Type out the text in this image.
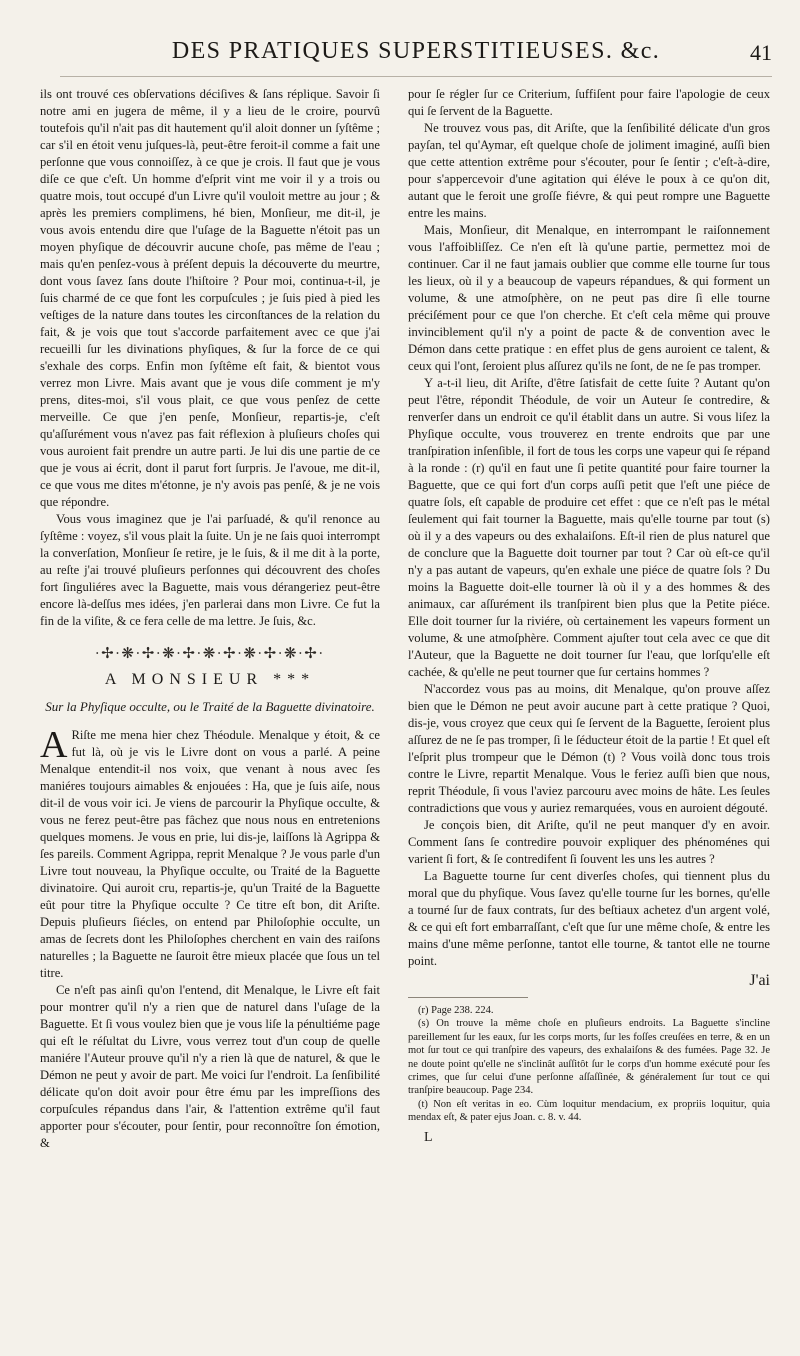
DES PRATIQUES SUPERSTITIEUSES. &c.	41

ils ont trouvé ces obſervations déciſives & ſans réplique. Savoir ſi notre ami en jugera de même, il y a lieu de le croire, pourvû toutefois qu'il n'ait pas dit hautement qu'il aloit donner un ſyſtême ; car s'il en étoit venu juſques-là, peut-être feroit-il comme a fait une perſonne que vous connoiſſez, à ce que je crois. Il faut que je vous diſe ce que c'eſt. Un homme d'eſprit vint me voir il y a trois ou quatre mois, tout occupé d'un Livre qu'il vouloit mettre au jour ; & après les premiers complimens, hé bien, Monſieur, me dit-il, je vous avois entendu dire que l'uſage de la Baguette n'étoit pas un moyen phyſique de découvrir aucune choſe, pas même de l'eau ; mais qu'en penſez-vous à préſent depuis la découverte du meurtre, dont vous ſavez ſans doute l'hiſtoire ? Pour moi, continua-t-il, je ſuis charmé de ce que font les corpuſcules ; je ſuis pied à pied les veſtiges de la nature dans toutes les circonſtances de la relation du fait, & je vois que tout s'accorde parfaitement avec ce que j'ai recueilli ſur les divinations phyſiques, & ſur la force de ce qui s'exhale des corps. Enfin mon ſyſtême eſt fait, & bientot vous verrez mon Livre. Mais avant que je vous diſe comment je m'y prens, dites-moi, s'il vous plait, ce que vous penſez de cette merveille. Ce que j'en penſe, Monſieur, repartis-je, c'eſt qu'aſſurément vous n'avez pas fait réflexion à pluſieurs choſes qui vous auroient fait prendre un autre parti. Je lui dis une partie de ce que je vous ai écrit, dont il parut fort ſurpris. Je l'avoue, me dit-il, ce que vous me dites m'étonne, je n'y avois pas penſé, & je ne vois que répondre.

Vous vous imaginez que je l'ai parſuadé, & qu'il renonce au ſyſtême : voyez, s'il vous plait la ſuite. Un je ne ſais quoi interrompt la converſation, Monſieur ſe retire, je le ſuis, & il me dit à la porte, au reſte j'ai trouvé pluſieurs perſonnes qui découvrent des choſes fort ſinguliéres avec la Baguette, mais vous dérangeriez peut-être encore là-deſſus mes idées, j'en parlerai dans mon Livre. Ce fut la fin de la viſite, & ce fera celle de ma lettre. Je ſuis, &c.

∙✢∙❋∙✢∙❋∙✢∙❋∙✢∙❋∙✢∙❋∙✢∙
A MONSIEUR ***
Sur la Phyſique occulte, ou le Traité de la Baguette divinatoire.

A Riſte me mena hier chez Théodule. Menalque y étoit, & ce fut là, où je vis le Livre dont on vous a parlé. A peine Menalque entendit-il nos voix, que venant à nous avec ſes maniéres toujours aimables & enjouées : Ha, que je ſuis aiſe, nous dit-il de vous voir ici. Je viens de parcourir la Phyſique occulte, & vous ne ferez peut-être pas fâchez que nous nous en entretenions quelques momens. Je vous en prie, lui dis-je, laiſſons là Agrippa & ſes pareils. Comment Agrippa, reprit Menalque ? Je vous parle d'un Livre tout nouveau, la Phyſique occulte, ou Traité de la Baguette divinatoire. Qui auroit cru, repartis-je, qu'un Traité de la Baguette eût pour titre la Phyſique occulte ? Ce titre eſt bon, dit Ariſte. Depuis pluſieurs ſiécles, on entend par Philoſophie occulte, un amas de ſecrets dont les Philoſophes cherchent en vain des raiſons naturelles ; la Baguette ne ſauroit être mieux placée que ſous un tel titre.

Ce n'eſt pas ainſi qu'on l'entend, dit Menalque, le Livre eſt fait pour montrer qu'il n'y a rien que de naturel dans l'uſage de la Baguette. Et ſi vous voulez bien que je vous liſe la pénultiéme page qui eſt le réſultat du Livre, vous verrez tout d'un coup de quelle maniére l'Auteur prouve qu'il n'y a rien là que de naturel, & que le Démon ne peut y avoir de part. Me voici ſur l'endroit. La ſenſibilité délicate qu'on doit avoir pour être ému par les impreſſions des corpuſcules répandus dans l'air, & l'attention extrême qu'il faut apporter pour s'écouter, pour ſentir, pour reconnoître ſon émotion, &

pour ſe régler ſur ce Criterium, ſuffiſent pour faire l'apologie de ceux qui ſe ſervent de la Baguette.

Ne trouvez vous pas, dit Ariſte, que la ſenſibilité délicate d'un gros payſan, tel qu'Aymar, eſt quelque choſe de joliment imaginé, auſſi bien que cette attention extrême pour s'écouter, pour ſe ſentir ; c'eſt-à-dire, pour s'appercevoir d'une agitation qui éléve le poux à ce qu'on dit, autant que le feroit une groſſe fiévre, & qui peut rompre une Baguette entre les mains.

Mais, Monſieur, dit Menalque, en interrompant le raiſonnement vous l'affoibliſſez. Ce n'en eſt là qu'une partie, permettez moi de continuer. Car il ne faut jamais oublier que comme elle tourne ſur tous les lieux, où il y a beaucoup de vapeurs répandues, & qui forment un volume, & une atmoſphère, on ne peut pas dire ſi elle tourne préciſément pour ce que l'on cherche. Et c'eſt cela même qui prouve invinciblement qu'il n'y a point de pacte & de convention avec le Démon dans cette pratique : en effet plus de gens auroient ce talent, & ceux qui l'ont, ſeroient plus aſſurez qu'ils ne ſont, de ne ſe pas tromper.

Y a-t-il lieu, dit Ariſte, d'être ſatisfait de cette ſuite ? Autant qu'on peut l'être, répondit Théodule, de voir un Auteur ſe contredire, & renverſer dans un endroit ce qu'il établit dans un autre. Si vous liſez la Phyſique occulte, vous trouverez en trente endroits que par une tranſpiration inſenſible, il fort de tous les corps une vapeur qui ſe répand à la ronde : (r) qu'il en faut une ſi petite quantité pour faire tourner la Baguette, que ce qui fort d'un corps auſſi petit que l'eſt une piéce de quatre ſols, eſt capable de produire cet effet : que ce n'eſt pas le métal ſeulement qui fait tourner la Baguette, mais qu'elle tourne par tout (s) où il y a des vapeurs ou des exhalaiſons. Eſt-il rien de plus naturel que de conclure que la Baguette doit tourner par tout ? Car où eſt-ce qu'il n'y a pas autant de vapeurs, qu'en exhale une piéce de quatre ſols ? Du moins la Baguette doit-elle tourner là où il y a des hommes & des animaux, car aſſurément ils tranſpirent bien plus que la Petite piéce. Elle doit tourner ſur la riviére, où certainement les vapeurs forment un volume, & une atmoſphère. Comment ajuſter tout cela avec ce que dit l'Auteur, que la Baguette ne doit tourner ſur l'eau, que lorſqu'elle eſt cachée, & qu'elle ne peut tourner que ſur certains hommes ?

N'accordez vous pas au moins, dit Menalque, qu'on prouve aſſez bien que le Démon ne peut avoir aucune part à cette pratique ? Quoi, dis-je, vous croyez que ceux qui ſe ſervent de la Baguette, ſeroient plus aſſurez de ne ſe pas tromper, ſi le ſéducteur étoit de la partie ! Et quel eſt l'eſprit plus trompeur que le Démon (t) ? Vous voilà donc tous trois contre le Livre, repartit Menalque. Vous le feriez auſſi bien que nous, reprit Théodule, ſi vous l'aviez parcouru avec moins de hâte. Les ſeules contradictions que vous y auriez remarquées, vous en auroient dégouté.

Je conçois bien, dit Ariſte, qu'il ne peut manquer d'y en avoir. Comment ſans ſe contredire pouvoir expliquer des phénoménes qui varient ſi fort, & ſe contredifent ſi ſouvent les uns les autres ?

La Baguette tourne ſur cent diverſes choſes, qui tiennent plus du moral que du phyſique. Vous ſavez qu'elle tourne ſur les bornes, qu'elle a tourné ſur de faux contrats, ſur des beſtiaux achetez d'un argent volé, & ce qui eſt fort embarraſſant, c'eſt que ſur une même choſe, & entre les mains d'une même perſonne, tantot elle tourne, & tantot elle ne tourne point.

J'ai

(r) Page 238. 224.

(s) On trouve la même choſe en pluſieurs endroits. La Baguette s'incline pareillement ſur les eaux, ſur les corps morts, ſur les foſſes creuſées en terre, & en un mot ſur tout ce qui tranſpire des vapeurs, des exhalaiſons & des fumées. Page 32. Je ne doute point qu'elle ne s'inclinât auſſitôt ſur le corps d'un homme exécuté pour ſes crimes, que ſur celui d'une perſonne aſſaſſinée, & généralement ſur tout ce qui tranſpire beaucoup. Page 234.

(t) Non eſt veritas in eo. Cùm loquitur mendacium, ex propriis loquitur, quia mendax eſt, & pater ejus Joan. c. 8. v. 44.

L
